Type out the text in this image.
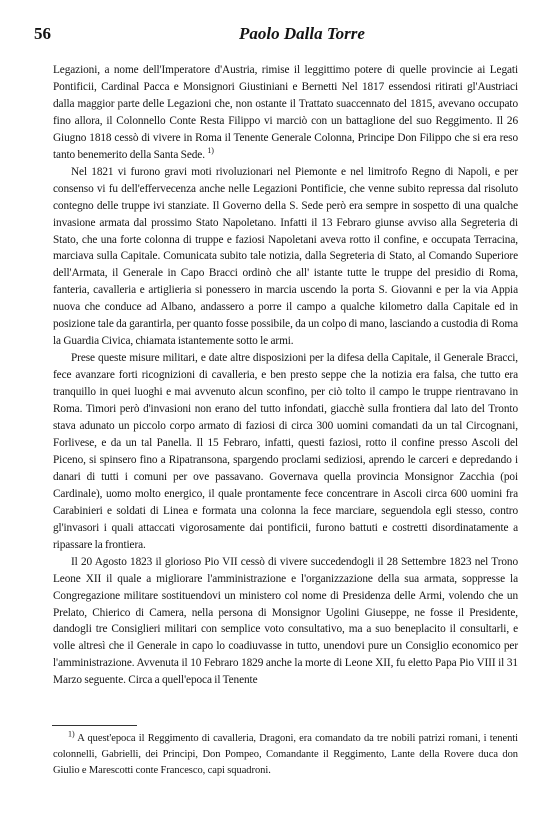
56	Paolo Dalla Torre

Legazioni, a nome dell'Imperatore d'Austria, rimise il leggittimo potere di quelle provincie ai Legati Pontificii, Cardinal Pacca e Monsignori Giustiniani e Bernetti Nel 1817 essendosi ritirati gl'Austriaci dalla maggior parte delle Legazioni che, non ostante il Trattato suaccennato del 1815, avevano occupato fino allora, il Colonnello Conte Resta Filippo vi marciò con un battaglione del suo Reggimento. Il 26 Giugno 1818 cessò di vivere in Roma il Tenente Generale Colonna, Principe Don Filippo che si era reso tanto benemerito della Santa Sede. $^{1)}$

Nel 1821 vi furono gravi moti rivoluzionari nel Piemonte e nel limitrofo Regno di Napoli, e per consenso vi fu dell'effervecenza anche nelle Legazioni Pontificie, che venne subito repressa dal risoluto contegno delle truppe ivi stanziate. Il Governo della S. Sede però era sempre in sospetto di una qualche invasione armata dal prossimo Stato Napoletano. Infatti il 13 Febraro giunse avviso alla Segreteria di Stato, che una forte colonna di truppe e faziosi Napoletani aveva rotto il confine, e occupata Terracina, marciava sulla Capitale. Comunicata subito tale notizia, dalla Segreteria di Stato, al Comando Superiore dell'Armata, il Generale in Capo Bracci ordinò che all' istante tutte le truppe del presidio di Roma, fanteria, cavalleria e artiglieria si ponessero in marcia uscendo la porta S. Giovanni e per la via Appia nuova che conduce ad Albano, andassero a porre il campo a qualche kilometro dalla Capitale ed in posizione tale da garantirla, per quanto fosse possibile, da un colpo di mano, lasciando a custodia di Roma la Guardia Civica, chiamata istantemente sotto le armi.

Prese queste misure militari, e date altre disposizioni per la difesa della Capitale, il Generale Bracci, fece avanzare forti ricognizioni di cavalleria, e ben presto seppe che la notizia era falsa, che tutto era tranquillo in quei luoghi e mai avvenuto alcun sconfino, per ciò tolto il campo le truppe rientravano in Roma. Timori però d'invasioni non erano del tutto infondati, giacchè sulla frontiera dal lato del Tronto stava adunato un piccolo corpo armato di faziosi di circa 300 uomini comandati da un tal Circognani, Forlivese, e da un tal Panella. Il 15 Febraro, infatti, questi faziosi, rotto il confine presso Ascoli del Piceno, si spinsero fino a Ripatransona, spargendo proclami sediziosi, aprendo le carceri e depredando i danari di tutti i comuni per ove passavano. Governava quella provincia Monsignor Zacchia (poi Cardinale), uomo molto energico, il quale prontamente fece concentrare in Ascoli circa 600 uomini fra Carabinieri e soldati di Linea e formata una colonna la fece marciare, seguendola egli stesso, contro gl'invasori i quali attaccati vigorosamente dai pontificii, furono battuti e costretti disordinatamente a ripassare la frontiera.

Il 20 Agosto 1823 il glorioso Pio VII cessò di vivere succedendogli il 28 Settembre 1823 nel Trono Leone XII il quale a migliorare l'amministrazione e l'organizzazione della sua armata, soppresse la Congregazione militare sostituendovi un ministero col nome di Presidenza delle Armi, volendo che un Prelato, Chierico di Camera, nella persona di Monsignor Ugolini Giuseppe, ne fosse il Presidente, dandogli tre Consiglieri militari con semplice voto consultativo, ma a suo beneplacito il consultarli, e volle altresì che il Generale in capo lo coadiuvasse in tutto, unendovi pure un Consiglio economico per l'amministrazione. Avvenuta il 10 Febraro 1829 anche la morte di Leone XII, fu eletto Papa Pio VIII il 31 Marzo seguente. Circa a quell'epoca il Tenente

$^{1)}$ A quest'epoca il Reggimento di cavalleria, Dragoni, era comandato da tre nobili patrizi romani, i tenenti colonnelli, Gabrielli, dei Principi, Don Pompeo, Comandante il Reggimento, Lante della Rovere duca don Giulio e Marescotti conte Francesco, capi squadroni.
